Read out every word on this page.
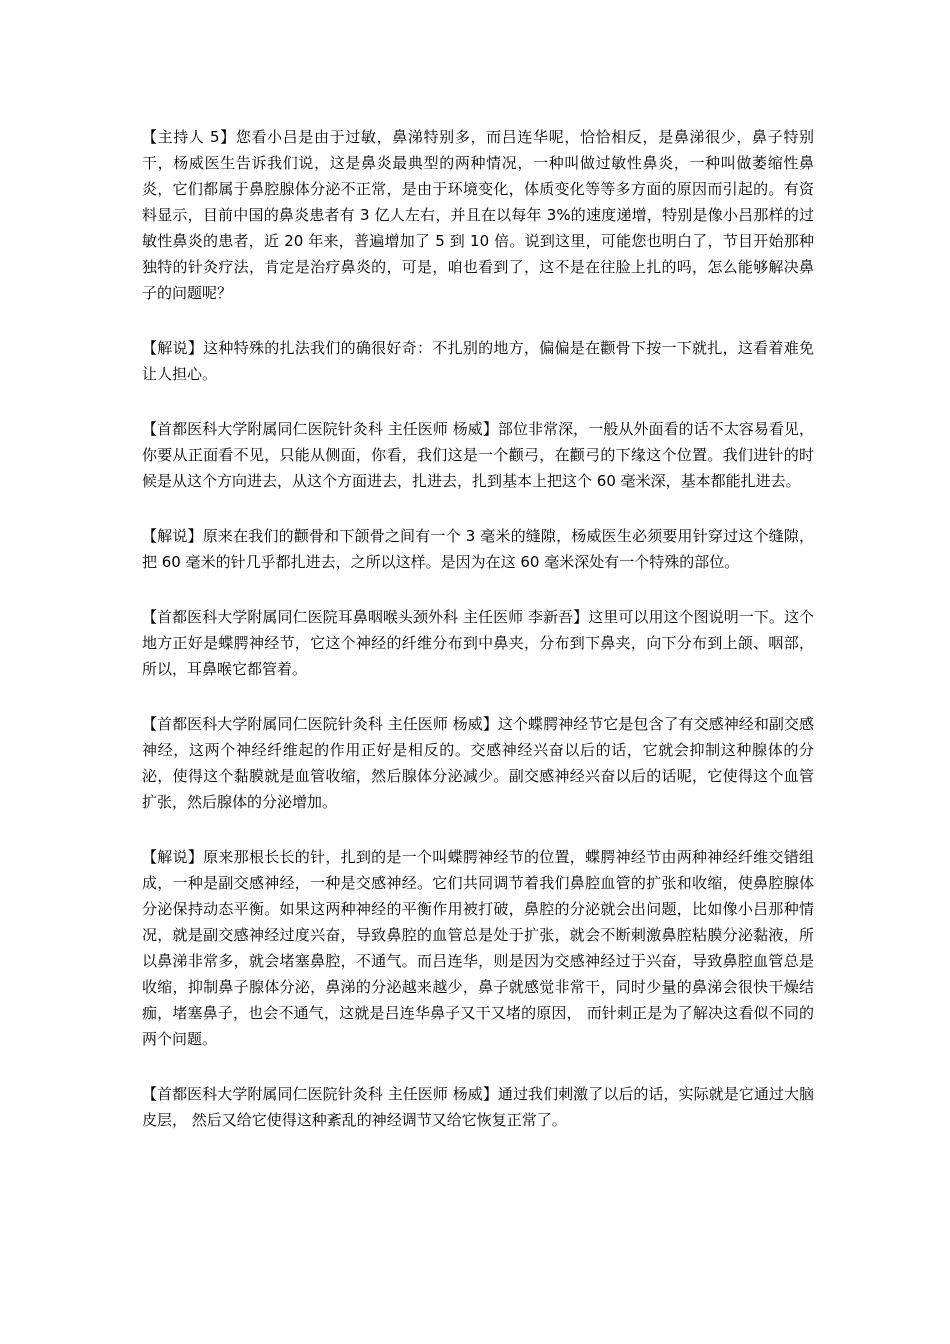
【主持人 5】您看小吕是由于过敏，鼻涕特别多，而吕连华呢，恰恰相反，是鼻涕很少，鼻子特别干，杨威医生告诉我们说，这是鼻炎最典型的两种情况，一种叫做过敏性鼻炎，一种叫做萎缩性鼻炎，它们都属于鼻腔腺体分泌不正常，是由于环境变化，体质变化等等多方面的原因而引起的。有资料显示，目前中国的鼻炎患者有 3 亿人左右，并且在以每年 3%的速度递增，特别是像小吕那样的过敏性鼻炎的患者，近 20 年来，普遍增加了 5 到 10 倍。说到这里，可能您也明白了，节目开始那种独特的针灸疗法，肯定是治疗鼻炎的，可是，咱也看到了，这不是在往脸上扎的吗，怎么能够解决鼻子的问题呢？

【解说】这种特殊的扎法我们的确很好奇：不扎别的地方，偏偏是在颧骨下按一下就扎，这看着难免让人担心。

【首都医科大学附属同仁医院针灸科 主任医师 杨威】部位非常深，一般从外面看的话不太容易看见，你要从正面看不见，只能从侧面，你看，我们这是一个颧弓，在颧弓的下缘这个位置。我们进针的时候是从这个方向进去，从这个方面进去，扎进去，扎到基本上把这个 60 毫米深，基本都能扎进去。

【解说】原来在我们的颧骨和下颌骨之间有一个 3 毫米的缝隙，杨威医生必须要用针穿过这个缝隙，把 60 毫米的针几乎都扎进去，之所以这样。是因为在这 60 毫米深处有一个特殊的部位。

【首都医科大学附属同仁医院耳鼻咽喉头颈外科 主任医师 李新吾】这里可以用这个图说明一下。这个地方正好是蝶腭神经节，它这个神经的纤维分布到中鼻夹，分布到下鼻夹，向下分布到上颌、咽部， 所以，耳鼻喉它都管着。

【首都医科大学附属同仁医院针灸科 主任医师 杨威】这个蝶腭神经节它是包含了有交感神经和副交感神经，这两个神经纤维起的作用正好是相反的。交感神经兴奋以后的话，它就会抑制这种腺体的分泌，使得这个黏膜就是血管收缩，然后腺体分泌减少。副交感神经兴奋以后的话呢，它使得这个血管扩张，然后腺体的分泌增加。

【解说】原来那根长长的针，扎到的是一个叫蝶腭神经节的位置，蝶腭神经节由两种神经纤维交错组成，一种是副交感神经，一种是交感神经。它们共同调节着我们鼻腔血管的扩张和收缩，使鼻腔腺体分泌保持动态平衡。如果这两种神经的平衡作用被打破，鼻腔的分泌就会出问题，比如像小吕那种情况，就是副交感神经过度兴奋，导致鼻腔的血管总是处于扩张，就会不断刺激鼻腔粘膜分泌黏液，所以鼻涕非常多，就会堵塞鼻腔，不通气。而吕连华，则是因为交感神经过于兴奋，导致鼻腔血管总是收缩，抑制鼻子腺体分泌，鼻涕的分泌越来越少，鼻子就感觉非常干，同时少量的鼻涕会很快干燥结痂，堵塞鼻子，也会不通气，这就是吕连华鼻子又干又堵的原因， 而针刺正是为了解决这看似不同的两个问题。

【首都医科大学附属同仁医院针灸科 主任医师 杨威】通过我们刺激了以后的话，实际就是它通过大脑皮层， 然后又给它使得这种紊乱的神经调节又给它恢复正常了。
